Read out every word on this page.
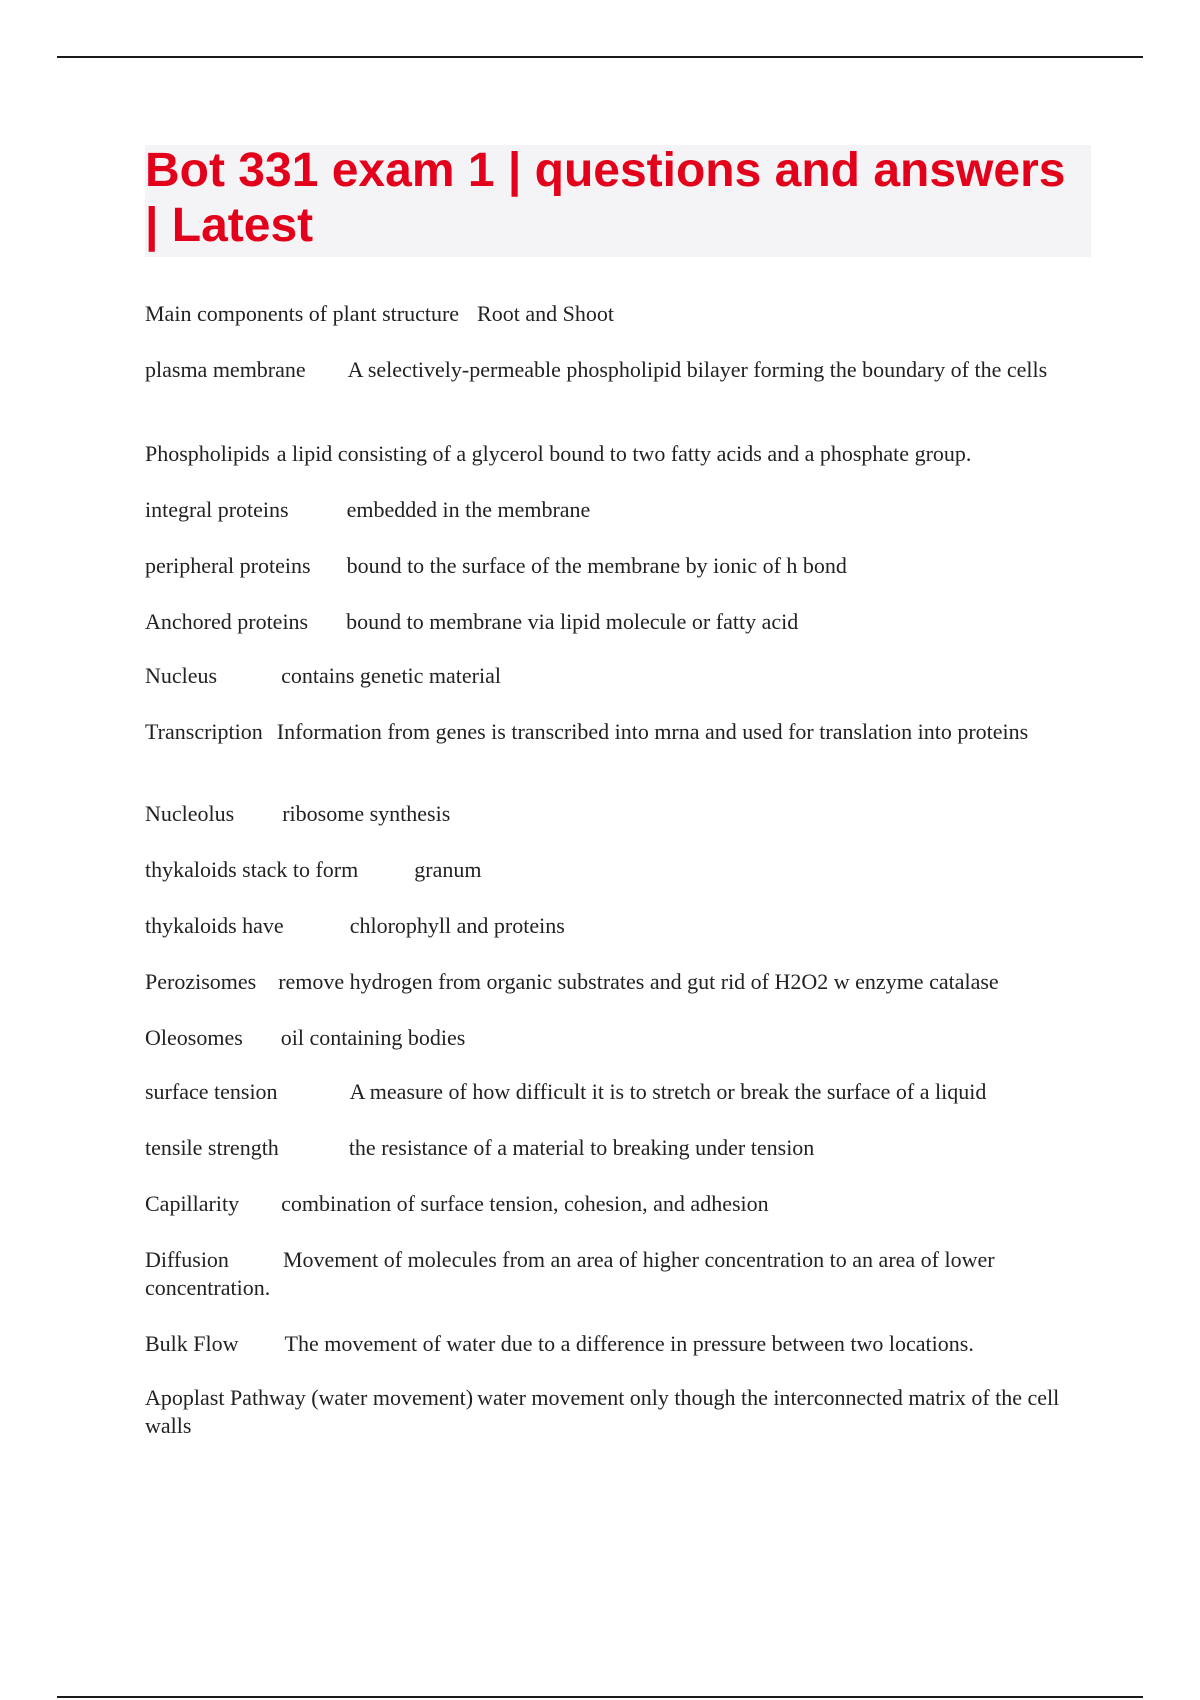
Bot 331 exam 1 | questions and answers | Latest
Main components of plant structure Root and Shoot
plasma membrane A selectively-permeable phospholipid bilayer forming the boundary of the cells
Phospholipids a lipid consisting of a glycerol bound to two fatty acids and a phosphate group.
integral proteins	embedded in the membrane
peripheral proteins bound to the surface of the membrane by ionic of h bond
Anchored proteins bound to membrane via lipid molecule or fatty acid
Nucleus	contains genetic material
Transcription Information from genes is transcribed into mrna and used for translation into proteins
Nucleolus ribosome synthesis
thykaloids stack to form	granum
thykaloids have	chlorophyll and proteins
Perozisomes remove hydrogen from organic substrates and gut rid of H2O2 w enzyme catalase
Oleosomes oil containing bodies
surface tension	A measure of how difficult it is to stretch or break the surface of a liquid
tensile strength	the resistance of a material to breaking under tension
Capillarity combination of surface tension, cohesion, and adhesion
Diffusion Movement of molecules from an area of higher concentration to an area of lower concentration.
Bulk Flow The movement of water due to a difference in pressure between two locations.
Apoplast Pathway (water movement) water movement only though the interconnected matrix of the cell walls
